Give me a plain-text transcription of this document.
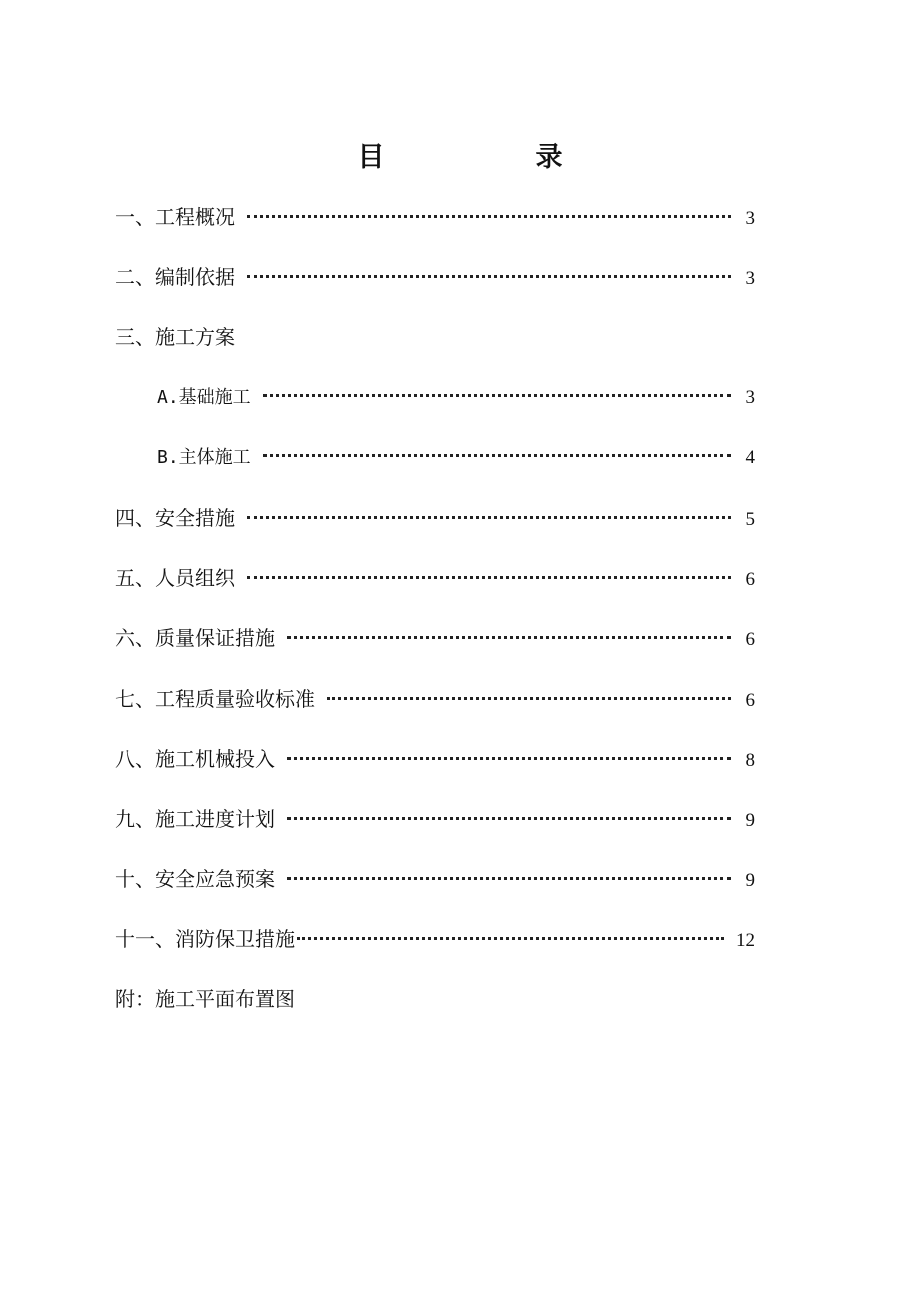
目　录
一、工程概况	3
二、编制依据	3
三、施工方案
A.基础施工	3
B.主体施工	4
四、安全措施	5
五、人员组织	6
六、质量保证措施	6
七、工程质量验收标准	6
八、施工机械投入	8
九、施工进度计划	9
十、安全应急预案	9
十一、消防保卫措施	12
附：施工平面布置图
